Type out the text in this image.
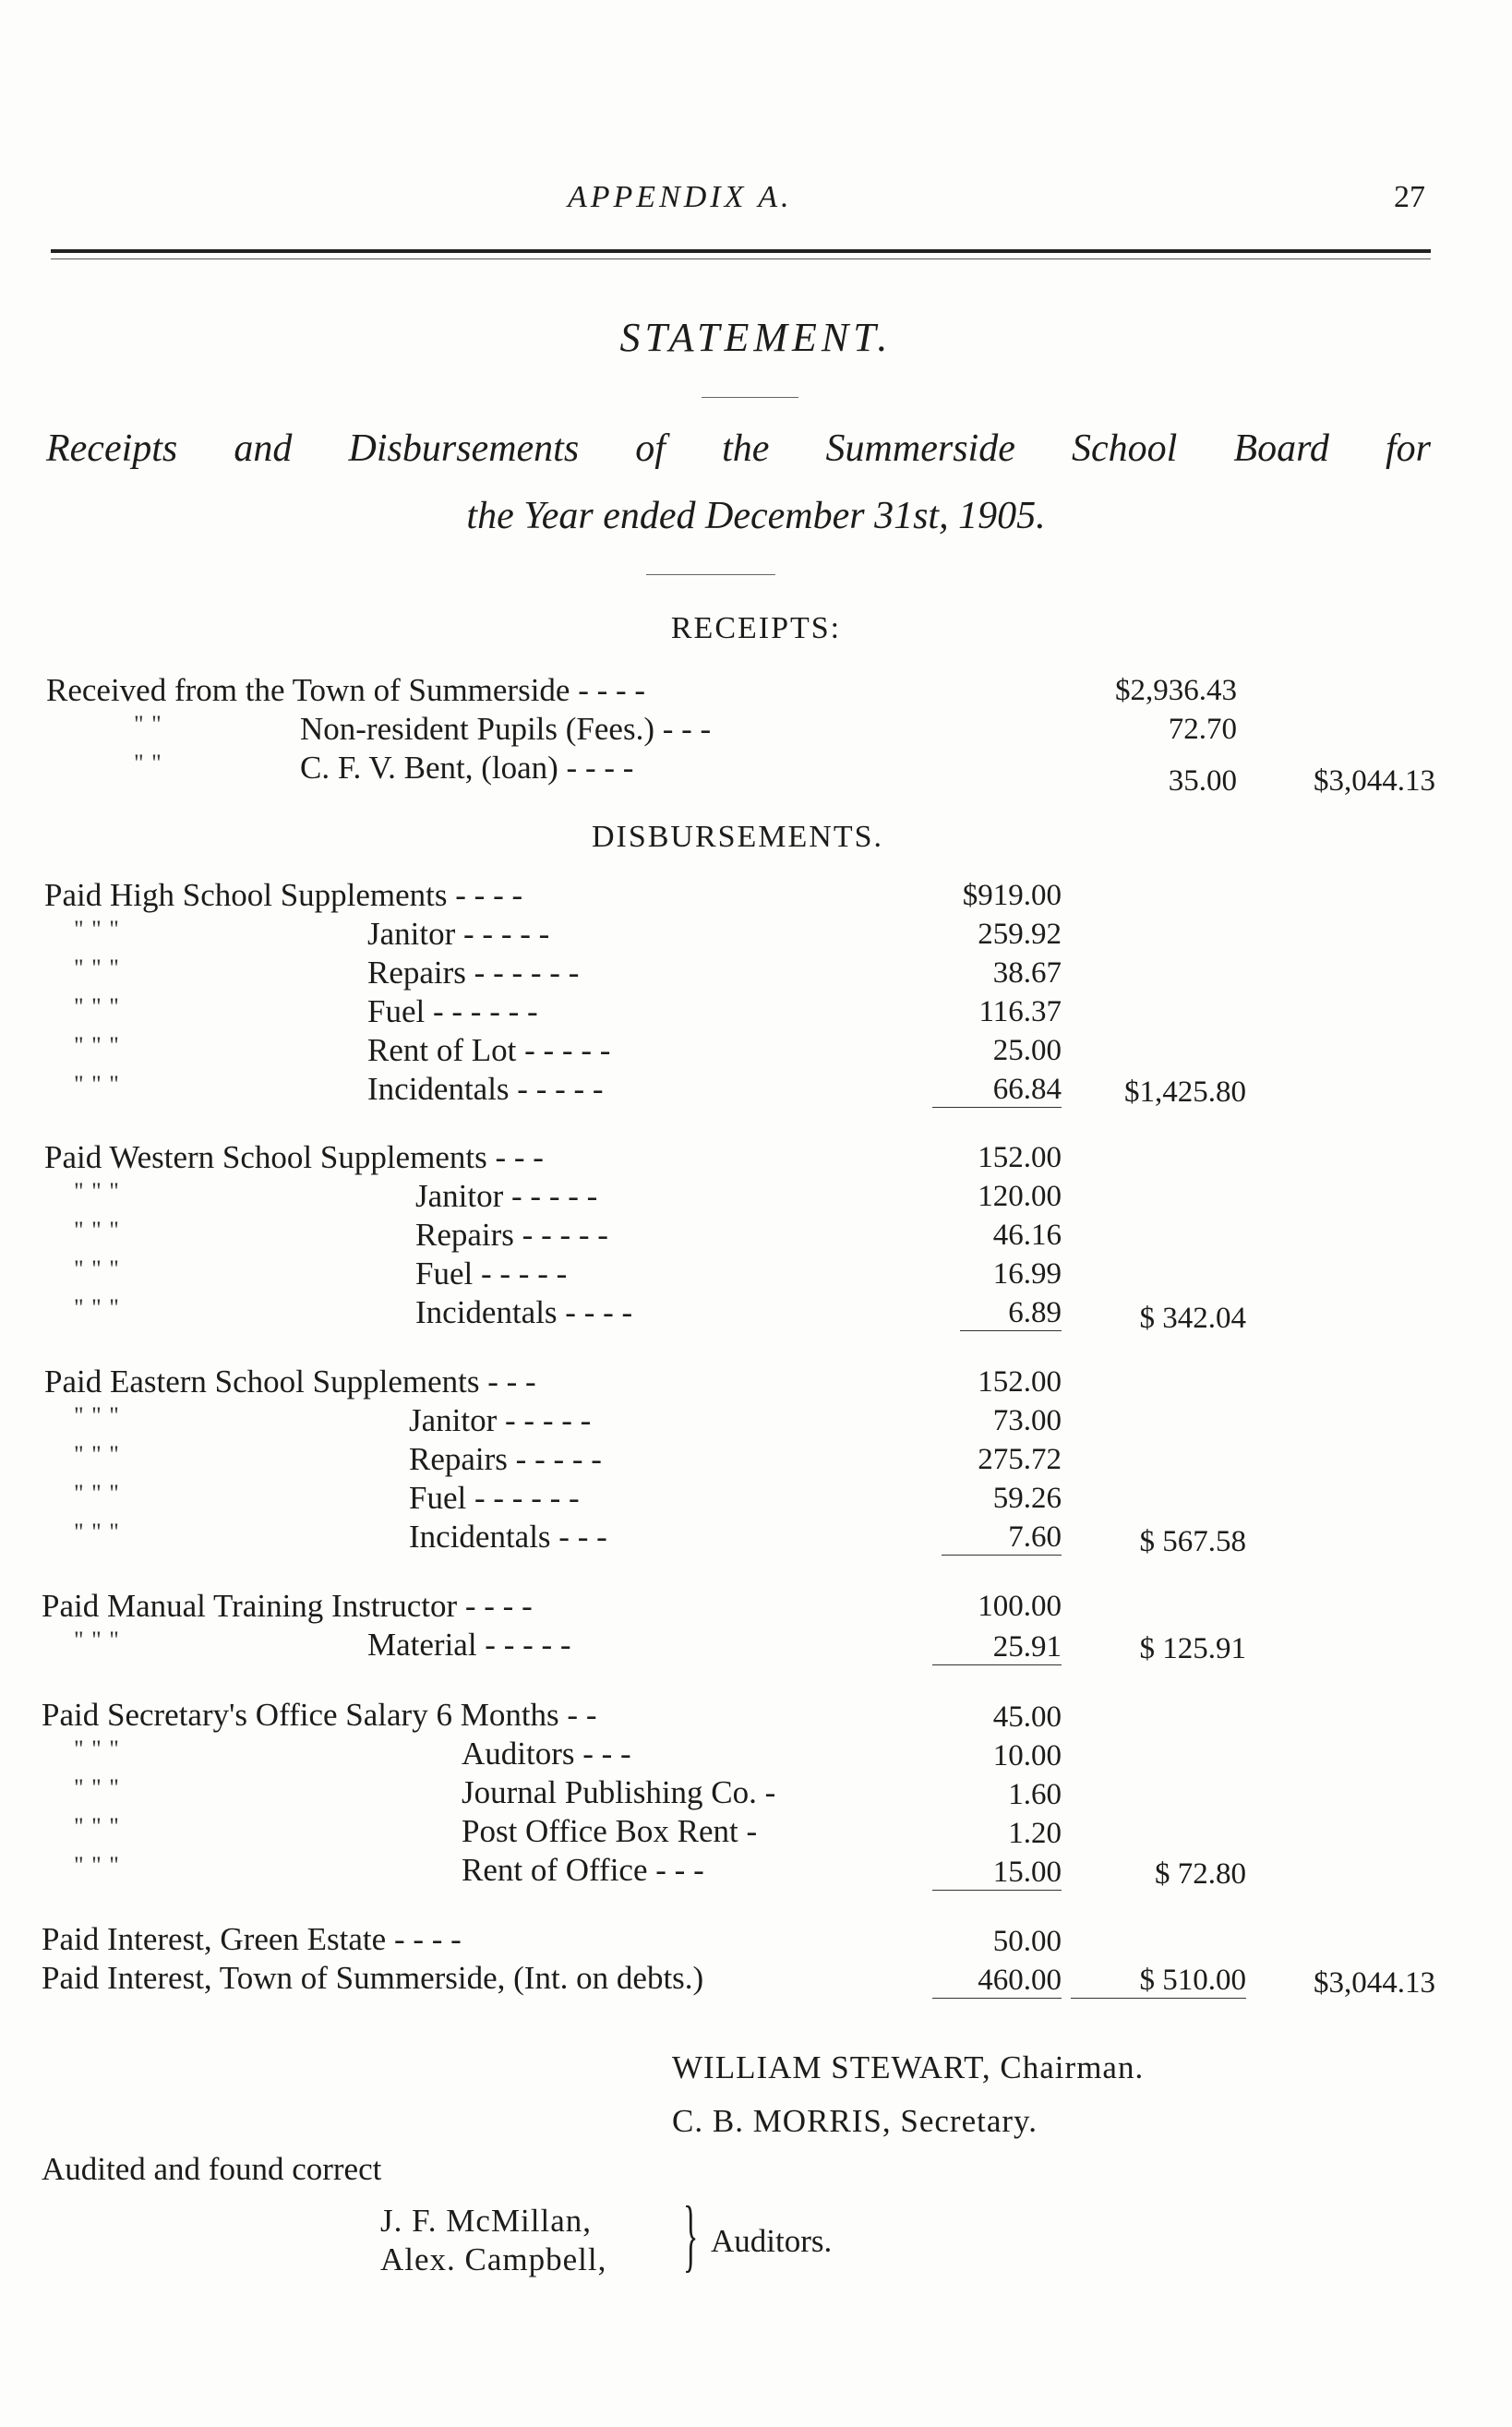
APPENDIX A.	27
STATEMENT.
Receipts and Disbursements of the Summerside School Board for
the Year ended December 31st, 1905.
RECEIPTS:
Received from the Town of Summerside - - - -	$2,936.43
" "	Non-resident Pupils (Fees.) - - -	72.70
" "	C. F. V. Bent, (loan) - - - -	35.00	$3,044.13
DISBURSEMENTS.
Paid High School Supplements - - - -	$919.00
" " "	Janitor - - - - -	259.92
" " "	Repairs - - - - - -	38.67
" " "	Fuel - - - - - -	116.37
" " "	Rent of Lot - - - - -	25.00
" " "	Incidentals - - - - -	66.84	$1,425.80
Paid Western School Supplements - - -	152.00
" " "	Janitor - - - - -	120.00
" " "	Repairs - - - - -	46.16
" " "	Fuel - - - - -	16.99
" " "	Incidentals - - - -	6.89	$ 342.04
Paid Eastern School Supplements - - -	152.00
" " "	Janitor - - - - -	73.00
" " "	Repairs - - - - -	275.72
" " "	Fuel - - - - - -	59.26
" " "	Incidentals - - -	7.60	$ 567.58
Paid Manual Training Instructor - - - -	100.00
" " "	Material - - - - -	25.91	$ 125.91
Paid Secretary's Office Salary 6 Months - -	45.00
" " "	Auditors - - -	10.00
" " "	Journal Publishing Co. -	1.60
" " "	Post Office Box Rent -	1.20
" " "	Rent of Office - - -	15.00	$ 72.80
Paid Interest, Green Estate - - - -	50.00
Paid Interest, Town of Summerside, (Int. on debts.)	460.00	$ 510.00	$3,044.13
WILLIAM STEWART, Chairman.
C. B. MORRIS, Secretary.
Audited and found correct
J. F. McMillan,
Alex. Campbell, } Auditors.
